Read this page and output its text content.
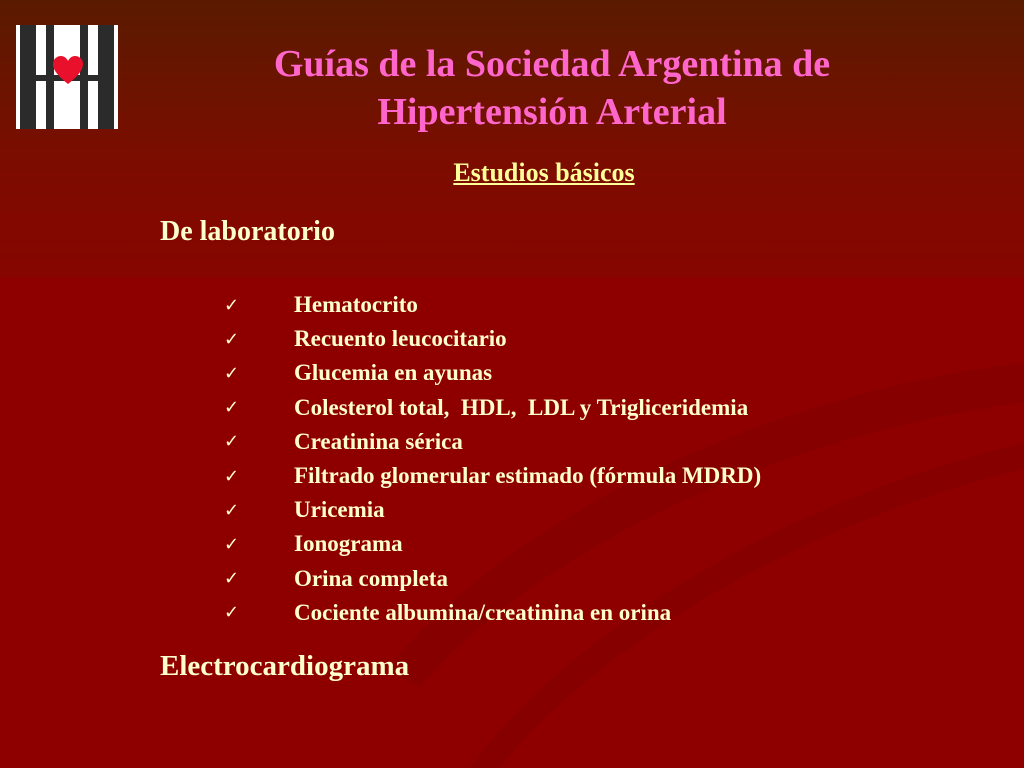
Guías de la Sociedad Argentina de
Hipertensión Arterial
Estudios básicos
De laboratorio
✓	Hematocrito
✓	Recuento leucocitario
✓	Glucemia en ayunas
✓	Colesterol total,  HDL,  LDL y Trigliceridemia
✓	Creatinina sérica
✓	Filtrado glomerular estimado (fórmula MDRD)
✓	Uricemia
✓	Ionograma
✓	Orina completa
✓	Cociente albumina/creatinina en orina
Electrocardiograma
